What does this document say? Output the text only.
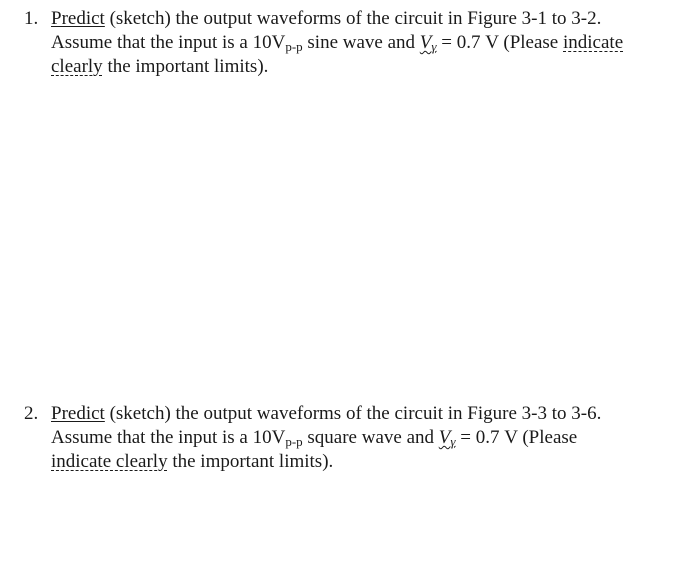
1. Predict (sketch) the output waveforms of the circuit in Figure 3-1 to 3-2.
Assume that the input is a $10V_{p-p}$ sine wave and $V_\gamma = 0.7$ V (Please indicate
clearly the important limits).
2. Predict (sketch) the output waveforms of the circuit in Figure 3-3 to 3-6.
Assume that the input is a $10V_{p-p}$ square wave and $V_\gamma = 0.7$ V (Please
indicate clearly the important limits).
